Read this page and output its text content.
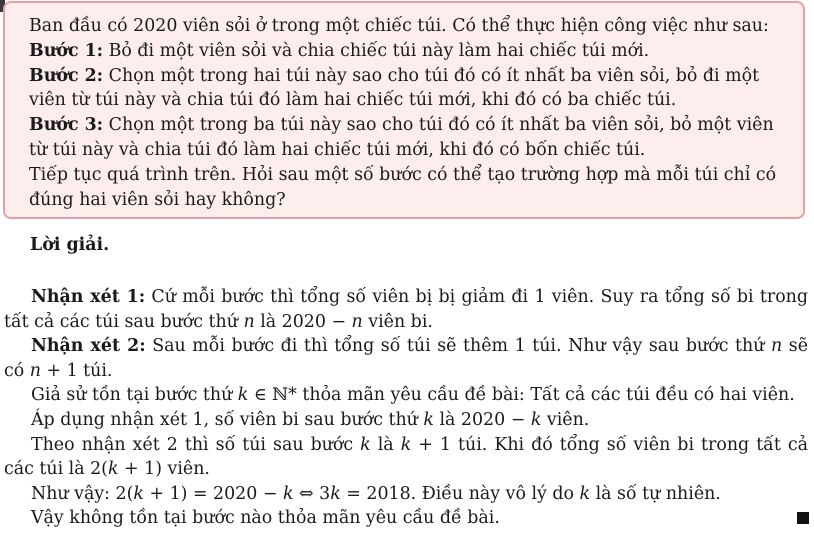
Ban đầu có 2020 viên sỏi ở trong một chiếc túi. Có thể thực hiện công việc như sau:

Bước 1: Bỏ đi một viên sỏi và chia chiếc túi này làm hai chiếc túi mới.

Bước 2: Chọn một trong hai túi này sao cho túi đó có ít nhất ba viên sỏi, bỏ đi một viên từ túi này và chia túi đó làm hai chiếc túi mới, khi đó có ba chiếc túi.

Bước 3: Chọn một trong ba túi này sao cho túi đó có ít nhất ba viên sỏi, bỏ một viên từ túi này và chia túi đó làm hai chiếc túi mới, khi đó có bốn chiếc túi.

Tiếp tục quá trình trên. Hỏi sau một số bước có thể tạo trường hợp mà mỗi túi chỉ có đúng hai viên sỏi hay không?

Lời giải.

Nhận xét 1: Cứ mỗi bước thì tổng số viên bị bị giảm đi 1 viên. Suy ra tổng số bi trong tất cả các túi sau bước thứ n là 2020 − n viên bi.

Nhận xét 2: Sau mỗi bước đi thì tổng số túi sẽ thêm 1 túi. Như vậy sau bước thứ n sẽ có n + 1 túi.

Giả sử tồn tại bước thứ k ∈ ℕ* thỏa mãn yêu cầu đề bài: Tất cả các túi đều có hai viên.

Áp dụng nhận xét 1, số viên bi sau bước thứ k là 2020 − k viên.

Theo nhận xét 2 thì số túi sau bước k là k + 1 túi. Khi đó tổng số viên bi trong tất cả các túi là 2(k + 1) viên.

Như vậy: 2(k + 1) = 2020 − k ⇔ 3k = 2018. Điều này vô lý do k là số tự nhiên.

Vậy không tồn tại bước nào thỏa mãn yêu cầu đề bài.
